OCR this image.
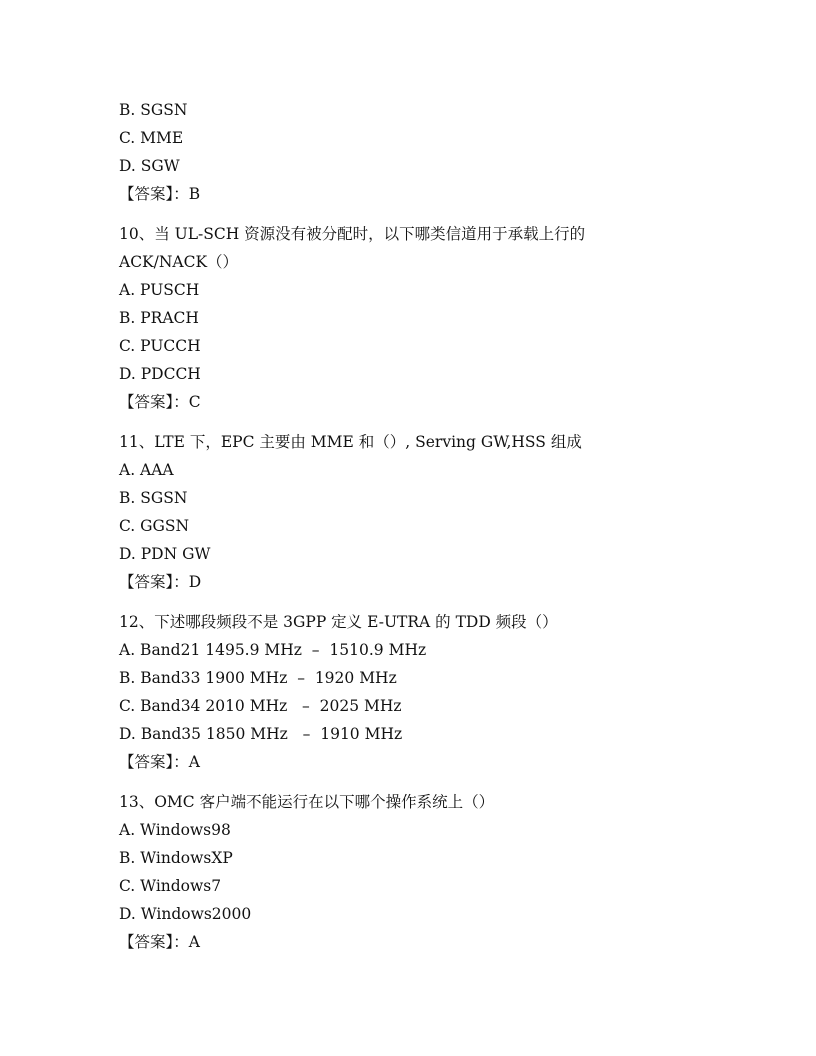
B. SGSN
C. MME
D. SGW
【答案】：B
10、当 UL-SCH 资源没有被分配时，以下哪类信道用于承载上行的
ACK/NACK（）
A. PUSCH
B. PRACH
C. PUCCH
D. PDCCH
【答案】：C
11、LTE 下，EPC 主要由 MME 和（）, Serving GW,HSS 组成
A. AAA
B. SGSN
C. GGSN
D. PDN GW
【答案】：D
12、下述哪段频段不是 3GPP 定义 E-UTRA 的 TDD 频段（）
A. Band21 1495.9 MHz  –  1510.9 MHz
B. Band33 1900 MHz  –  1920 MHz
C. Band34 2010 MHz   –  2025 MHz
D. Band35 1850 MHz   –  1910 MHz
【答案】：A
13、OMC 客户端不能运行在以下哪个操作系统上（）
A. Windows98
B. WindowsXP
C. Windows7
D. Windows2000
【答案】：A
